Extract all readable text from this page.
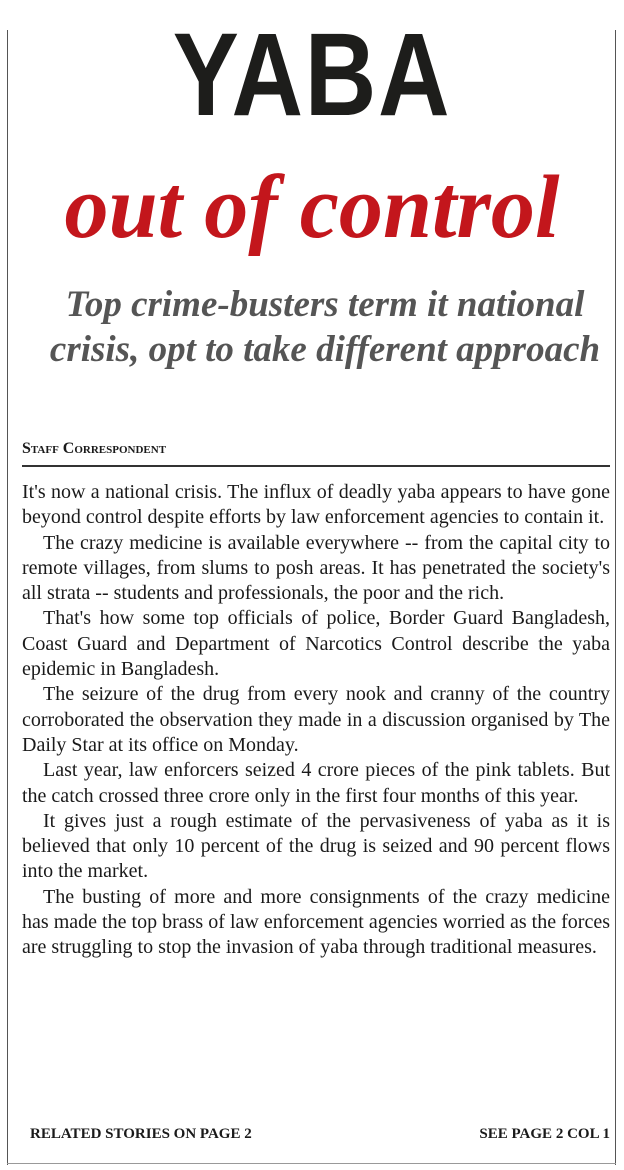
YABA
out of control
Top crime-busters term it national crisis, opt to take different approach
Staff Correspondent

It's now a national crisis. The influx of deadly yaba appears to have gone beyond control despite efforts by law enforcement agencies to contain it.

The crazy medicine is available everywhere -- from the capital city to remote villages, from slums to posh areas. It has penetrated the society's all strata -- students and professionals, the poor and the rich.

That's how some top officials of police, Border Guard Bangladesh, Coast Guard and Department of Narcotics Control describe the yaba epidemic in Bangladesh.

The seizure of the drug from every nook and cranny of the country corroborated the observation they made in a discussion organised by The Daily Star at its office on Monday.

Last year, law enforcers seized 4 crore pieces of the pink tablets. But the catch crossed three crore only in the first four months of this year.

It gives just a rough estimate of the pervasiveness of yaba as it is believed that only 10 percent of the drug is seized and 90 percent flows into the market.

The busting of more and more consignments of the crazy medicine has made the top brass of law enforcement agencies worried as the forces are struggling to stop the invasion of yaba through traditional measures.

RELATED STORIES ON PAGE 2	SEE PAGE 2 COL 1
